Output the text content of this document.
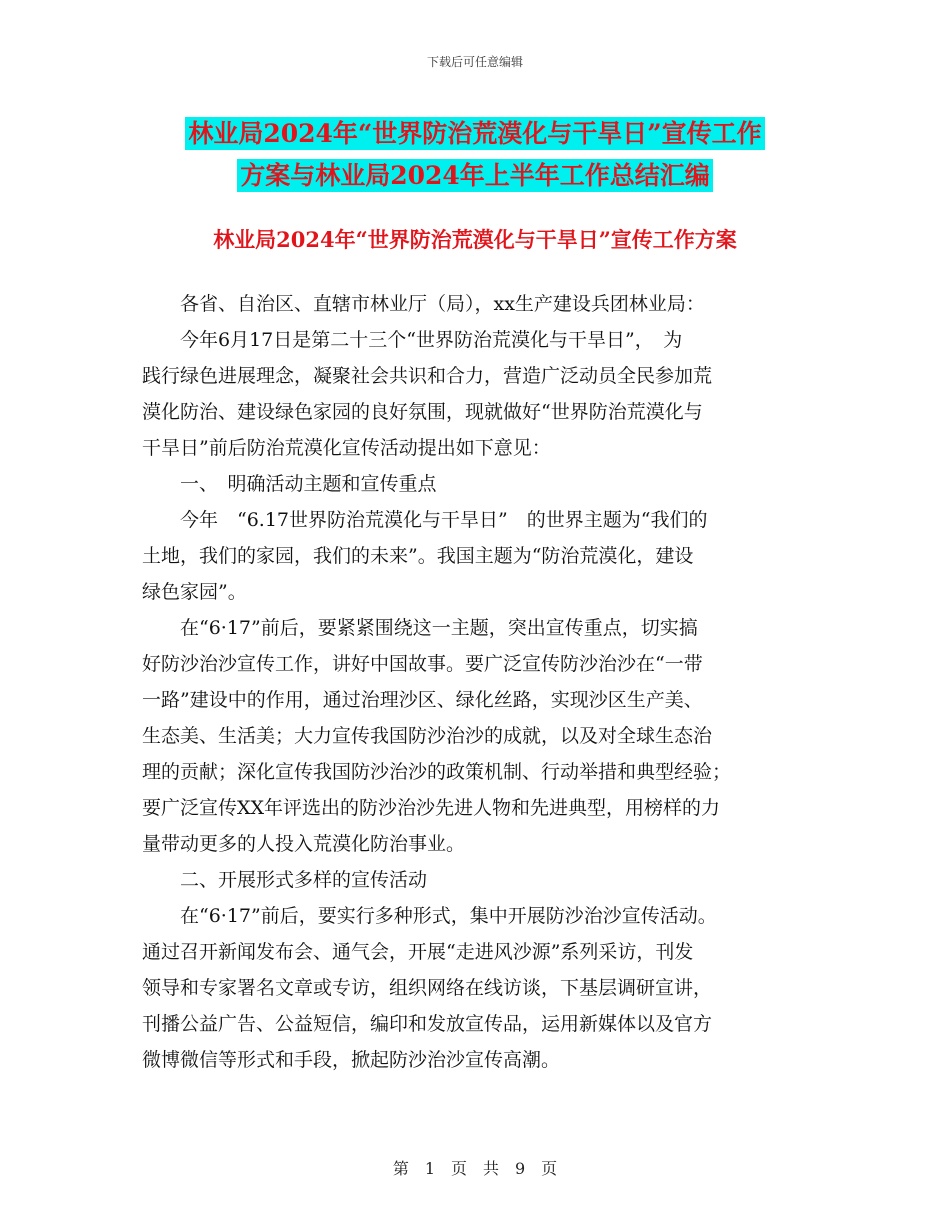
下载后可任意编辑
林业局2024年“世界防治荒漠化与干旱日”宣传工作
方案与林业局2024年上半年工作总结汇编
林业局2024年“世界防治荒漠化与干旱日”宣传工作方案
　　各省、自治区、直辖市林业厅（局），xx生产建设兵团林业局：
　　今年6月17日是第二十三个“世界防治荒漠化与干旱日”，　为
践行绿色进展理念，凝聚社会共识和合力，营造广泛动员全民参加荒
漠化防治、建设绿色家园的良好氛围，现就做好“世界防治荒漠化与
干旱日”前后防治荒漠化宣传活动提出如下意见：
　　一、　明确活动主题和宣传重点
　　今年　“6.17世界防治荒漠化与干旱日”　的世界主题为“我们的
土地，我们的家园，我们的未来”。我国主题为“防治荒漠化，建设
绿色家园”。
　　在“6·17”前后，要紧紧围绕这一主题，突出宣传重点，切实搞
好防沙治沙宣传工作，讲好中国故事。要广泛宣传防沙治沙在“一带
一路”建设中的作用，通过治理沙区、绿化丝路，实现沙区生产美、
生态美、生活美；大力宣传我国防沙治沙的成就，以及对全球生态治
理的贡献；深化宣传我国防沙治沙的政策机制、行动举措和典型经验；
要广泛宣传XX年评选出的防沙治沙先进人物和先进典型，用榜样的力
量带动更多的人投入荒漠化防治事业。
　　二、开展形式多样的宣传活动
　　在“6·17”前后，要实行多种形式，集中开展防沙治沙宣传活动。
通过召开新闻发布会、通气会，开展“走进风沙源”系列采访，刊发
领导和专家署名文章或专访，组织网络在线访谈，下基层调研宣讲，
刊播公益广告、公益短信，编印和发放宣传品，运用新媒体以及官方
微博微信等形式和手段，掀起防沙治沙宣传高潮。
第　1　页　共　9　页
